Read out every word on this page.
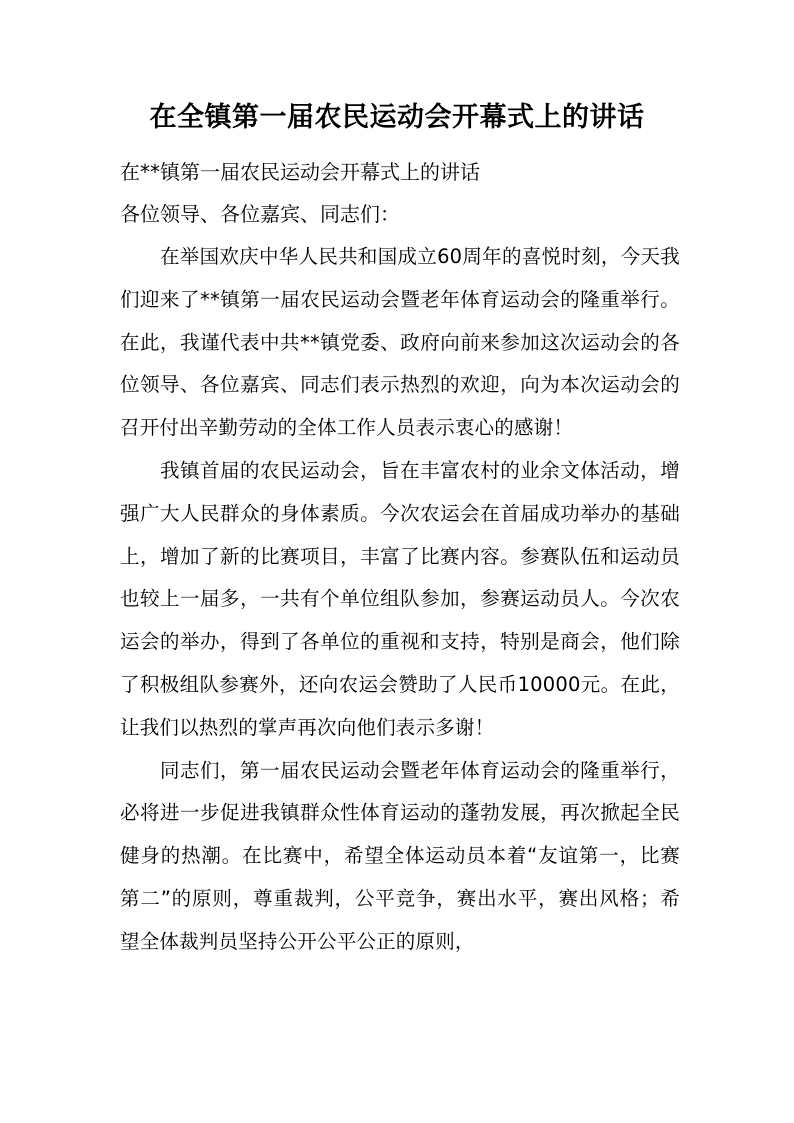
在全镇第一届农民运动会开幕式上的讲话

在**镇第一届农民运动会开幕式上的讲话

各位领导、各位嘉宾、同志们：

在举国欢庆中华人民共和国成立60周年的喜悦时刻，今天我们迎来了**镇第一届农民运动会暨老年体育运动会的隆重举行。在此，我谨代表中共**镇党委、政府向前来参加这次运动会的各位领导、各位嘉宾、同志们表示热烈的欢迎，向为本次运动会的召开付出辛勤劳动的全体工作人员表示衷心的感谢！

我镇首届的农民运动会，旨在丰富农村的业余文体活动，增强广大人民群众的身体素质。今次农运会在首届成功举办的基础上，增加了新的比赛项目，丰富了比赛内容。参赛队伍和运动员也较上一届多，一共有个单位组队参加，参赛运动员人。今次农运会的举办，得到了各单位的重视和支持，特别是商会，他们除了积极组队参赛外，还向农运会赞助了人民币10000元。在此，让我们以热烈的掌声再次向他们表示多谢！

同志们，第一届农民运动会暨老年体育运动会的隆重举行，必将进一步促进我镇群众性体育运动的蓬勃发展，再次掀起全民健身的热潮。在比赛中，希望全体运动员本着“友谊第一，比赛第二”的原则，尊重裁判，公平竞争，赛出水平，赛出风格；希望全体裁判员坚持公开公平公正的原则，
